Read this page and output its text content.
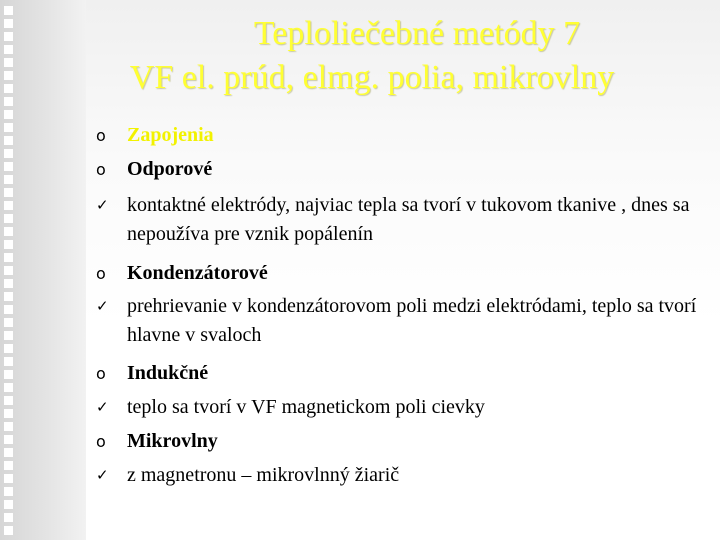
Teploliečebné metódy 7
VF el. prúd, elmg. polia, mikrovlny
o	Zapojenia
o	Odporové
✓ kontaktné elektródy, najviac tepla sa tvorí v tukovom tkanive , dnes sa nepoužíva pre vznik popálenín
o	Kondenzátorové
✓ prehrievanie v kondenzátorovom poli medzi elektródami, teplo sa tvorí hlavne v svaloch
o	Indukčné
✓ teplo sa tvorí v VF magnetickom poli cievky
o	Mikrovlny
✓ z magnetronu – mikrovlnný žiarič
